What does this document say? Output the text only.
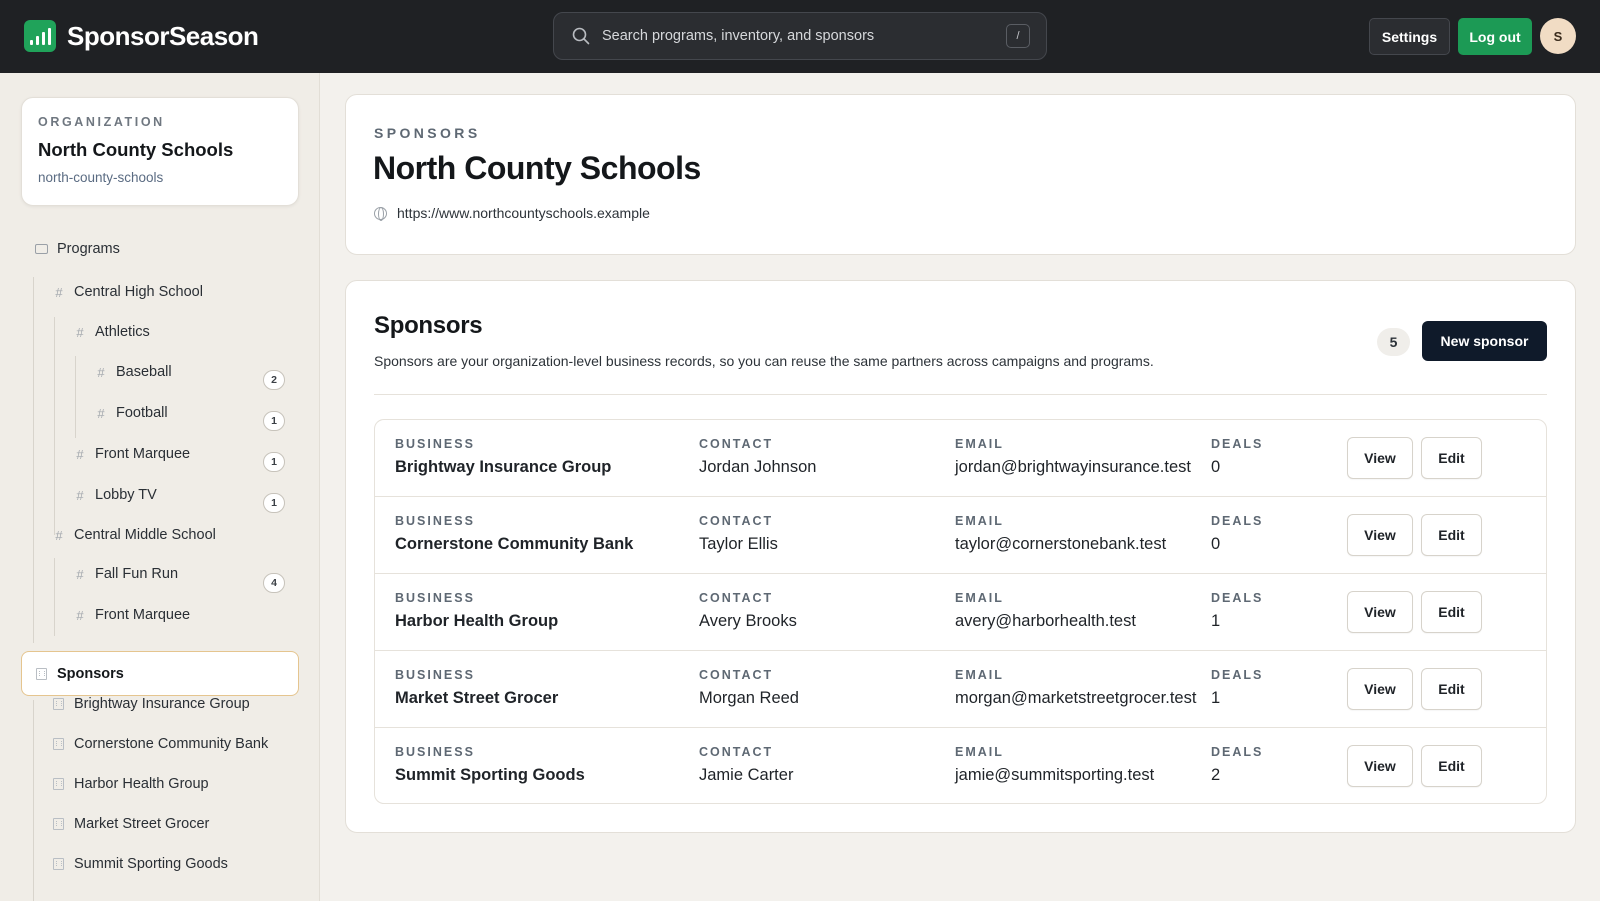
SponsorSeason	Search programs, inventory, and sponsors	/	Settings	Log out	S
ORGANIZATION
North County Schools
north-county-schools
Programs
# Central High School
# Athletics
# Baseball	2
# Football	1
# Front Marquee	1
# Lobby TV	1
# Central Middle School
# Fall Fun Run
4
# Front Marquee
Sponsors
Brightway Insurance Group
Cornerstone Community Bank
Harbor Health Group
Market Street Grocer
Summit Sporting Goods
SPONSORS
North County Schools
https://www.northcountyschools.example
Sponsors
Sponsors are your organization-level business records, so you can reuse the same partners across campaigns and programs.
5	New sponsor
BUSINESS
Brightway Insurance Group
CONTACT
Jordan Johnson
EMAIL
jordan@brightwayinsurance.test
DEALS
0	View	Edit
BUSINESS
Cornerstone Community Bank
CONTACT
Taylor Ellis
EMAIL
taylor@cornerstonebank.test
DEALS
0	View	Edit
BUSINESS
Harbor Health Group
CONTACT
Avery Brooks
EMAIL
avery@harborhealth.test
DEALS
1	View	Edit
BUSINESS
Market Street Grocer
CONTACT
Morgan Reed
EMAIL
morgan@marketstreetgrocer.test
DEALS
1	View	Edit
BUSINESS
Summit Sporting Goods
CONTACT
Jamie Carter
EMAIL
jamie@summitsporting.test
DEALS
2	View	Edit
